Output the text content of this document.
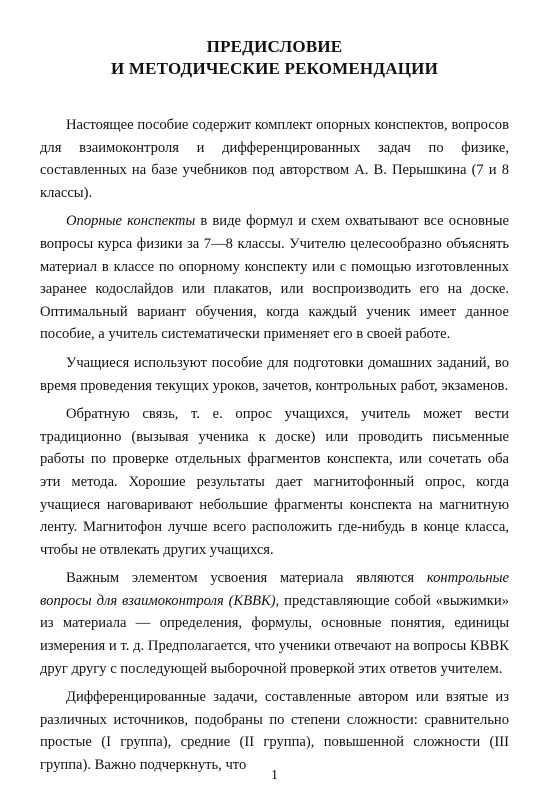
ПРЕДИСЛОВИЕ
И МЕТОДИЧЕСКИЕ РЕКОМЕНДАЦИИ

Настоящее пособие содержит комплект опорных конспектов, вопросов для взаимоконтроля и дифференцированных задач по физике, составленных на базе учебников под авторством А. В. Перышкина (7 и 8 классы).

Опорные конспекты в виде формул и схем охватывают все основные вопросы курса физики за 7—8 классы. Учителю целесообразно объяснять материал в классе по опорному конспекту или с помощью изготовленных заранее кодослайдов или плакатов, или воспроизводить его на доске. Оптимальный вариант обучения, когда каждый ученик имеет данное пособие, а учитель систематически применяет его в своей работе.

Учащиеся используют пособие для подготовки домашних заданий, во время проведения текущих уроков, зачетов, контрольных работ, экзаменов.

Обратную связь, т. е. опрос учащихся, учитель может вести традиционно (вызывая ученика к доске) или проводить письменные работы по проверке отдельных фрагментов конспекта, или сочетать оба эти метода. Хорошие результаты дает магнитофонный опрос, когда учащиеся наговаривают небольшие фрагменты конспекта на магнитную ленту. Магнитофон лучше всего расположить где-нибудь в конце класса, чтобы не отвлекать других учащихся.

Важным элементом усвоения материала являются контрольные вопросы для взаимоконтроля (КВВК), представляющие собой «выжимки» из материала — определения, формулы, основные понятия, единицы измерения и т. д. Предполагается, что ученики отвечают на вопросы КВВК друг другу с последующей выборочной проверкой этих ответов учителем.

Дифференцированные задачи, составленные автором или взятые из различных источников, подобраны по степени сложности: сравнительно простые (I группа), средние (II группа), повышенной сложности (III группа). Важно подчеркнуть, что

1
